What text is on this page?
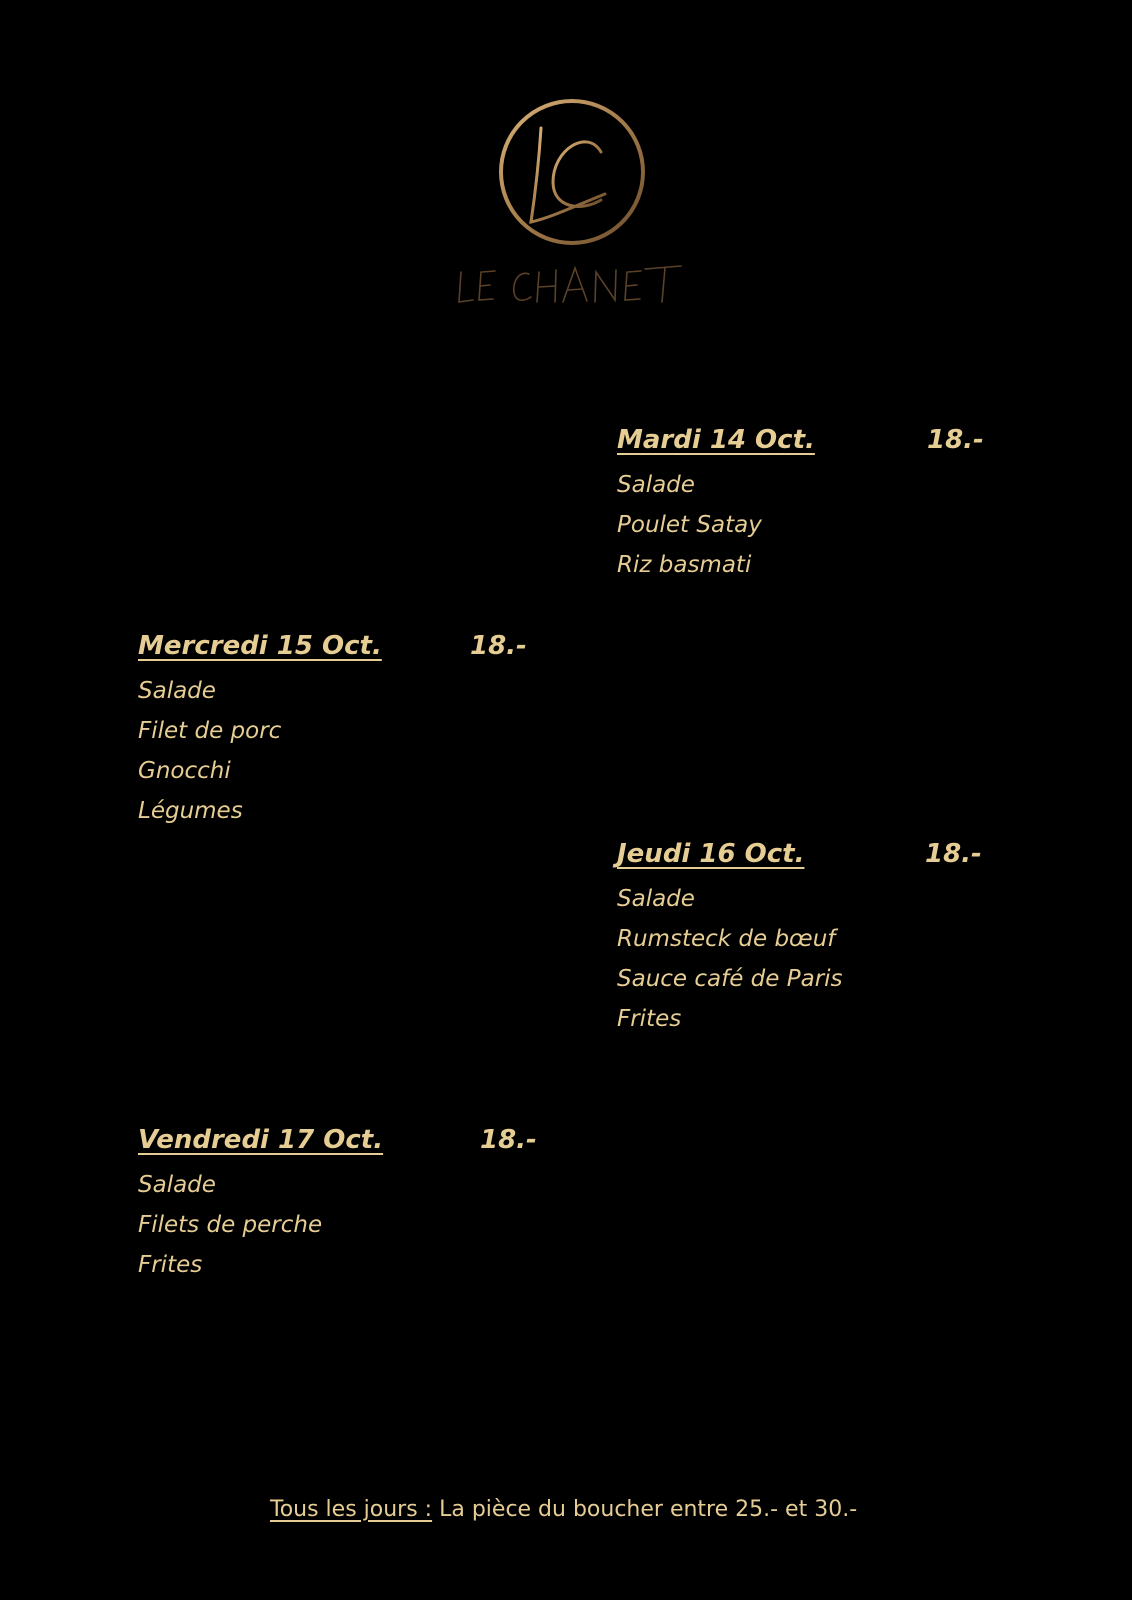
Mardi 14 Oct.	18.-
Salade
Poulet Satay
Riz basmati
Mercredi 15 Oct.	18.-
Salade
Filet de porc
Gnocchi
Légumes
Jeudi 16 Oct.	18.-
Salade
Rumsteck de bœuf
Sauce café de Paris
Frites
Vendredi 17 Oct.	18.-
Salade
Filets de perche
Frites
Tous les jours : La pièce du boucher entre 25.- et 30.-
